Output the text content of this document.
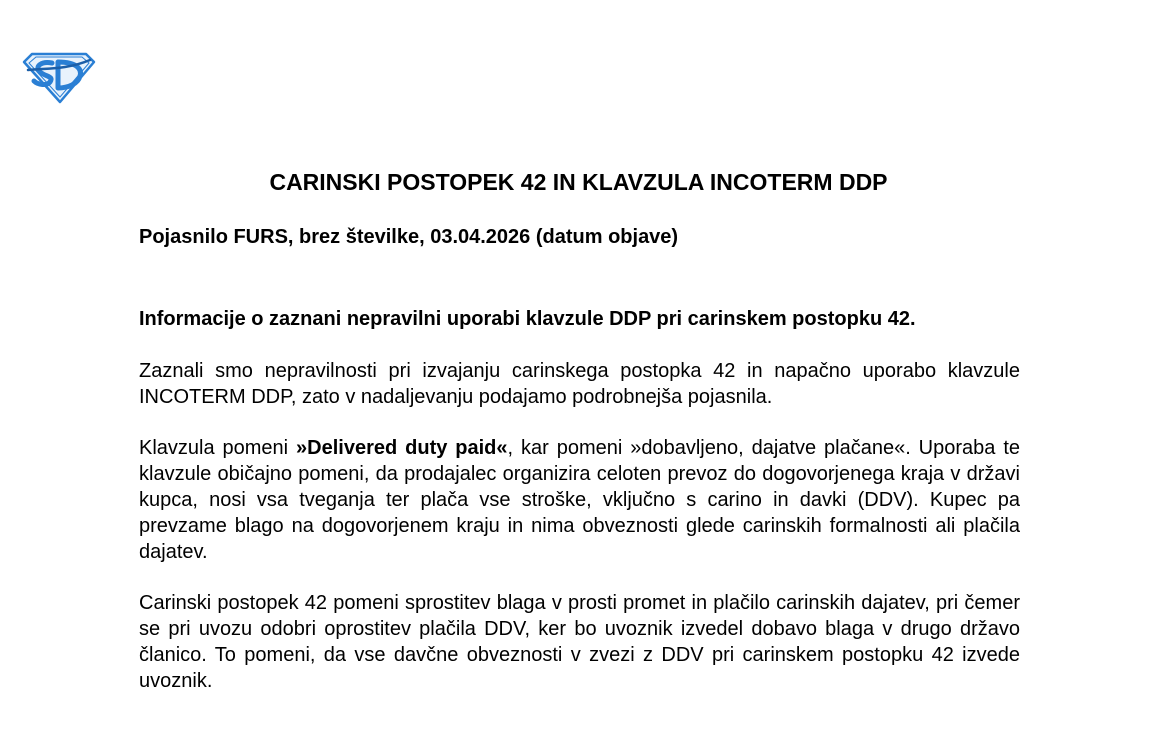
CARINSKI POSTOPEK 42 IN KLAVZULA INCOTERM DDP

Pojasnilo FURS, brez številke, 03.04.2026 (datum objave)

Informacije o zaznani nepravilni uporabi klavzule DDP pri carinskem postopku 42.

Zaznali smo nepravilnosti pri izvajanju carinskega postopka 42 in napačno uporabo klavzule INCOTERM DDP, zato v nadaljevanju podajamo podrobnejša pojasnila.

Klavzula pomeni »Delivered duty paid«, kar pomeni »dobavljeno, dajatve plačane«. Uporaba te klavzule običajno pomeni, da prodajalec organizira celoten prevoz do dogovorjenega kraja v državi kupca, nosi vsa tveganja ter plača vse stroške, vključno s carino in davki (DDV). Kupec pa prevzame blago na dogovorjenem kraju in nima obveznosti glede carinskih formalnosti ali plačila dajatev.

Carinski postopek 42 pomeni sprostitev blaga v prosti promet in plačilo carinskih dajatev, pri čemer se pri uvozu odobri oprostitev plačila DDV, ker bo uvoznik izvedel dobavo blaga v drugo državo članico. To pomeni, da vse davčne obveznosti v zvezi z DDV pri carinskem postopku 42 izvede uvoznik.
